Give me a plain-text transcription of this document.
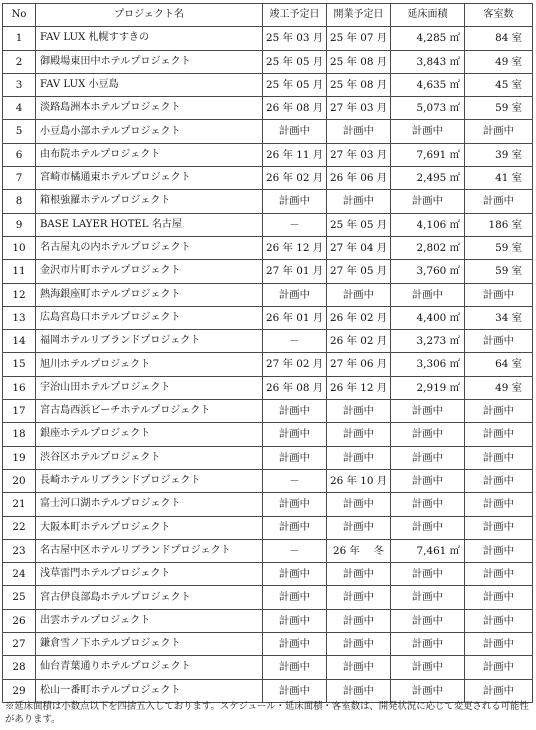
No	プロジェクト名	竣工予定日	開業予定日	延床面積	客室数
1	FAV LUX 札幌すすきの	25 年 03 月	25 年 07 月	4,285 ㎡	84 室
2	御殿場東田中ホテルプロジェクト	25 年 05 月	25 年 08 月	3,843 ㎡	49 室
3	FAV LUX 小豆島	25 年 05 月	25 年 08 月	4,635 ㎡	45 室
4	淡路島洲本ホテルプロジェクト	26 年 08 月	27 年 03 月	5,073 ㎡	59 室
5	小豆島小部ホテルプロジェクト	計画中	計画中	計画中	計画中
6	由布院ホテルプロジェクト	26 年 11 月	27 年 03 月	7,691 ㎡	39 室
7	宮崎市橘通東ホテルプロジェクト	26 年 02 月	26 年 06 月	2,495 ㎡	41 室
8	箱根強羅ホテルプロジェクト	計画中	計画中	計画中	計画中
9	BASE LAYER HOTEL 名古屋	－	25 年 05 月	4,106 ㎡	186 室
10	名古屋丸の内ホテルプロジェクト	26 年 12 月	27 年 04 月	2,802 ㎡	59 室
11	金沢市片町ホテルプロジェクト	27 年 01 月	27 年 05 月	3,760 ㎡	59 室
12	熱海銀座町ホテルプロジェクト	計画中	計画中	計画中	計画中
13	広島宮島口ホテルプロジェクト	26 年 01 月	26 年 02 月	4,400 ㎡	34 室
14	福岡ホテルリブランドプロジェクト	－	26 年 02 月	3,273 ㎡	計画中
15	旭川ホテルプロジェクト	27 年 02 月	27 年 06 月	3,306 ㎡	64 室
16	宇治山田ホテルプロジェクト	26 年 08 月	26 年 12 月	2,919 ㎡	49 室
17	宮古島西浜ビーチホテルプロジェクト	計画中	計画中	計画中	計画中
18	銀座ホテルプロジェクト	計画中	計画中	計画中	計画中
19	渋谷区ホテルプロジェクト	計画中	計画中	計画中	計画中
20	長崎ホテルリブランドプロジェクト	－	26 年 10 月	計画中	計画中
21	富士河口湖ホテルプロジェクト	計画中	計画中	計画中	計画中
22	大阪本町ホテルプロジェクト	計画中	計画中	計画中	計画中
23	名古屋中区ホテルリブランドプロジェクト	－	26 年　 冬	7,461 ㎡	計画中
24	浅草雷門ホテルプロジェクト	計画中	計画中	計画中	計画中
25	宮古伊良部島ホテルプロジェクト	計画中	計画中	計画中	計画中
26	出雲ホテルプロジェクト	計画中	計画中	計画中	計画中
27	鎌倉雪ノ下ホテルプロジェクト	計画中	計画中	計画中	計画中
28	仙台青葉通りホテルプロジェクト	計画中	計画中	計画中	計画中
29	松山一番町ホテルプロジェクト	計画中	計画中	計画中	計画中
※延床面積は小数点以下を四捨五入しております。スケジュール・延床面積・客室数は、開発状況に応じて変更される可能性があります。
